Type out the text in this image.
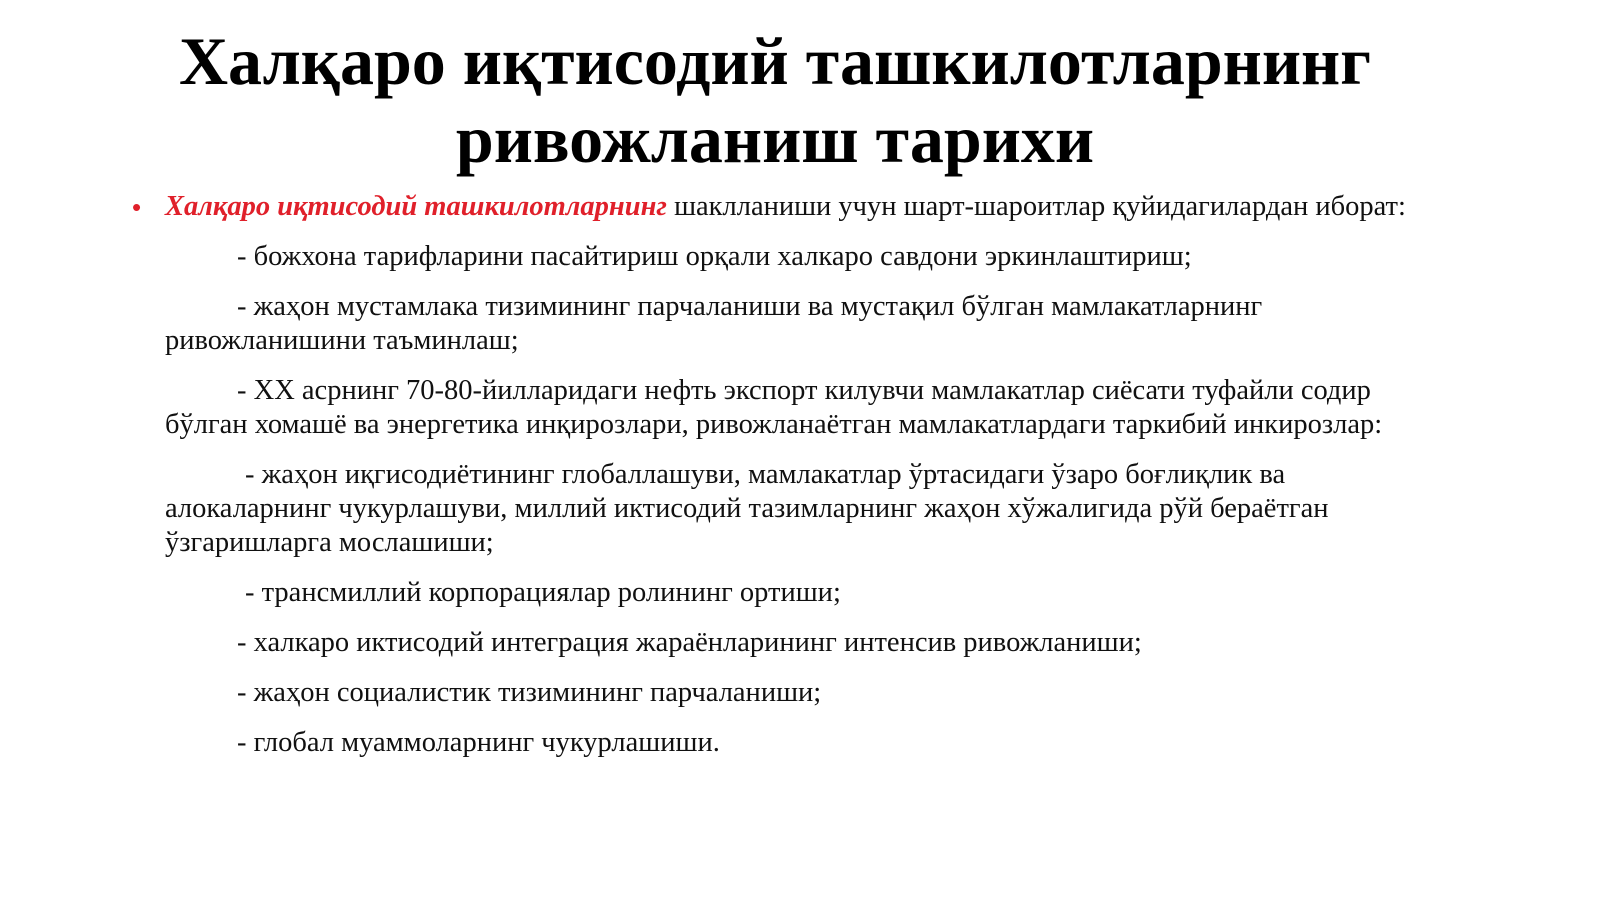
Халқаро иқтисодий ташкилотларнинг
ривожланиш тарихи

• Халқаро иқтисодий ташкилотларнинг шаклланиши учун шарт-шароитлар қуйидагилардан иборат:

- божхона тарифларини пасайтириш орқали халкаро савдони эркинлаштириш;

- жаҳон мустамлака тизимининг парчаланиши ва мустақил бўлган мамлакатларнинг ривожланишини таъминлаш;

- XX асрнинг 70-80-йилларидаги нефть экспорт килувчи мамлакатлар сиёсати туфайли содир бўлган хомашё ва энергетика инқирозлари, ривожланаётган мамлакатлардаги таркибий инкирозлар:

- жаҳон иқгисодиётининг глобаллашуви, мамлакатлар ўртасидаги ўзаро боғлиқлик ва алокаларнинг чукурлашуви, миллий иктисодий тазимларнинг жаҳон хўжалигида рўй бераётган ўзгаришларга мослашиши;

- трансмиллий корпорациялар ролининг ортиши;

- халкаро иктисодий интеграция жараёнларининг интенсив ривожланиши;

- жаҳон социалистик тизимининг парчаланиши;

- глобал муаммоларнинг чукурлашиши.
